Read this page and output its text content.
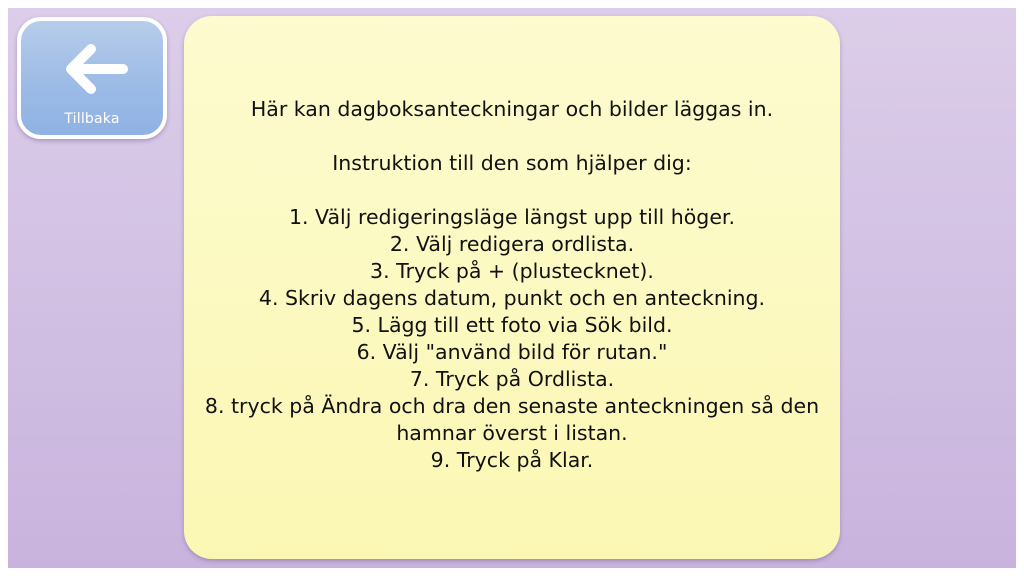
Tillbaka	Här kan dagboksanteckningar och bilder läggas in.

Instruktion till den som hjälper dig:

1. Välj redigeringsläge längst upp till höger.
2. Välj redigera ordlista.
3. Tryck på + (plustecknet).
4. Skriv dagens datum, punkt och en anteckning.
5. Lägg till ett foto via Sök bild.
6. Välj "använd bild för rutan."
7. Tryck på Ordlista.
8. tryck på Ändra och dra den senaste anteckningen så den hamnar överst i listan.
9. Tryck på Klar.
